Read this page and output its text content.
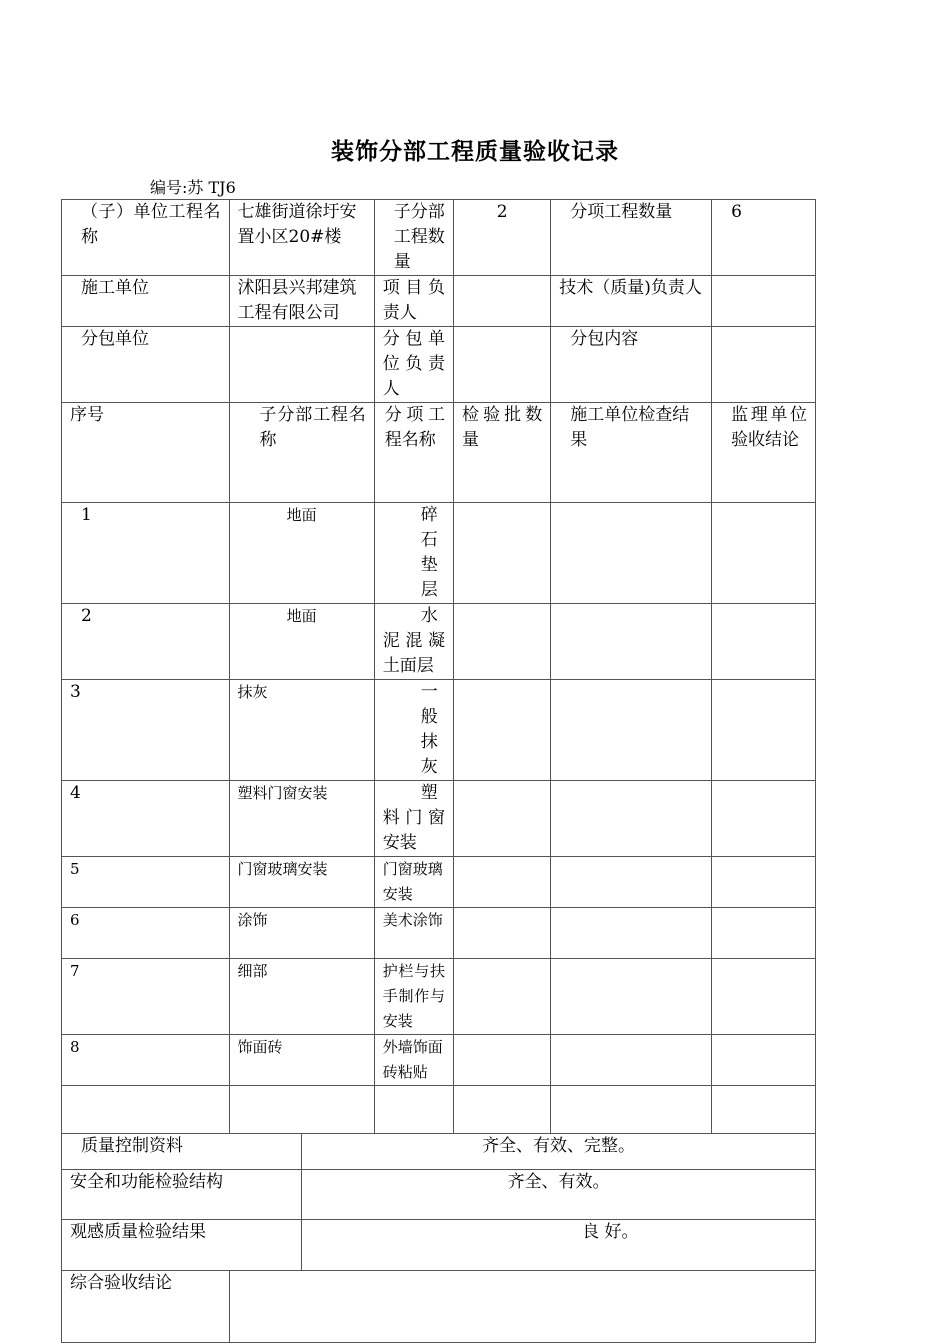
装饰分部工程质量验收记录
编号:苏 TJ6
（子）单位工程名称	七雄街道徐圩安置小区20#楼		子分部工程数量	2	分项工程数量	6
施工单位	沭阳县兴邦建筑工程有限公司		项目负责人		技术（质量)负责人	
分包单位			分包单位负责人		分包内容	
序号	子分部工程名称		分项工程名称	检验批数量	施工单位检查结果	监理单位验收结论
1	地面		碎石垫层			
2	地面		水泥混凝土面层			
3	抹灰		一般抹灰			
4	塑料门窗安装		塑料门窗安装			
5	门窗玻璃安装		门窗玻璃安装			
6	涂饰		美术涂饰			
7	细部		护栏与扶手制作与安装			
8	饰面砖		外墙饰面砖粘贴			

质量控制资料		齐全、有效、完整。				
安全和功能检验结构		齐全、有效。				
观感质量检验结果		良 好。				
综合验收结论						
